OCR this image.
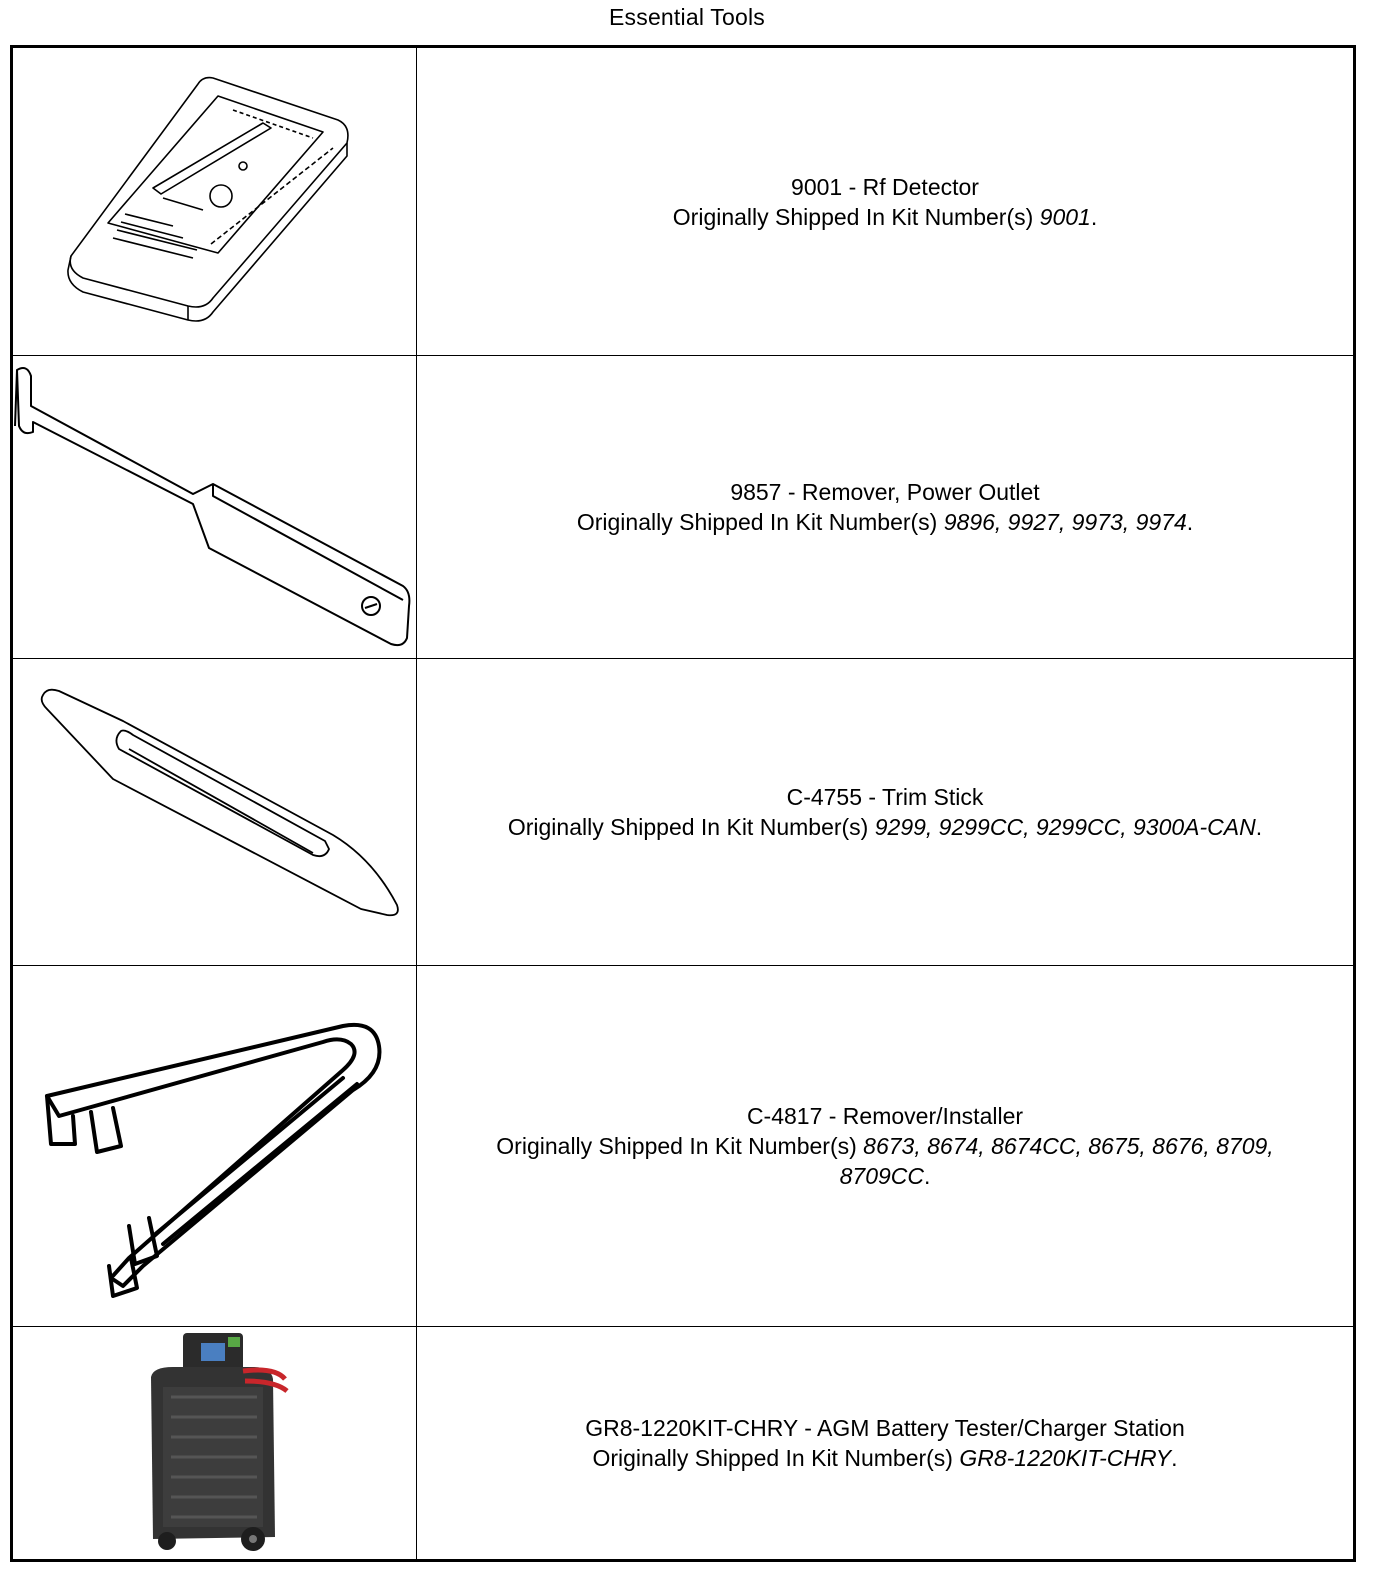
Essential Tools
9001 - Rf Detector
Originally Shipped In Kit Number(s) 9001.
9857 - Remover, Power Outlet
Originally Shipped In Kit Number(s) 9896, 9927, 9973, 9974.
C-4755 - Trim Stick
Originally Shipped In Kit Number(s) 9299, 9299CC, 9299CC, 9300A-CAN.
C-4817 - Remover/Installer
Originally Shipped In Kit Number(s) 8673, 8674, 8674CC, 8675, 8676, 8709, 8709CC.
GR8-1220KIT-CHRY - AGM Battery Tester/Charger Station
Originally Shipped In Kit Number(s) GR8-1220KIT-CHRY.
